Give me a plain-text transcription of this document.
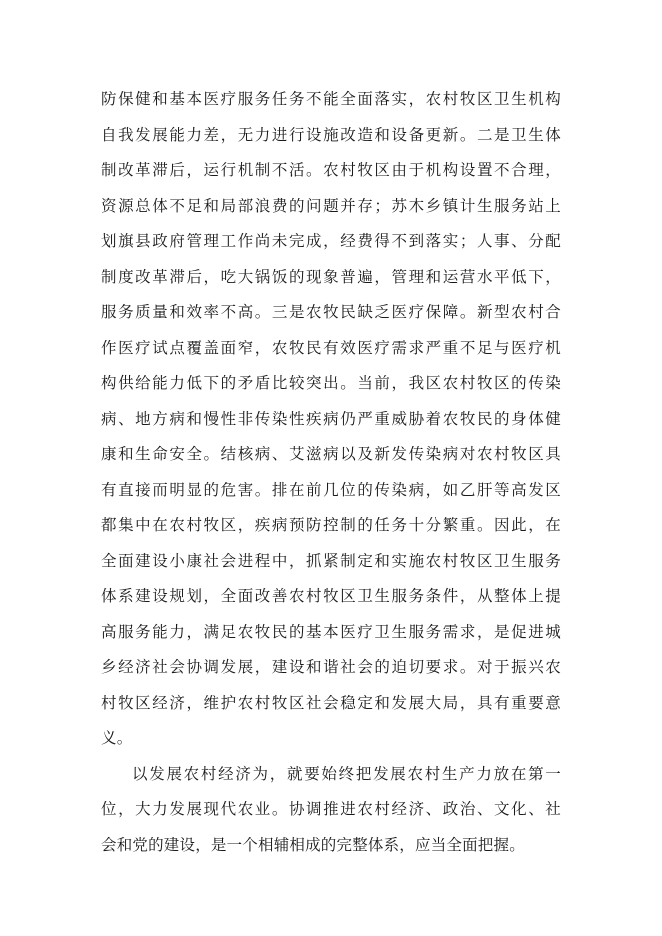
防保健和基本医疗服务任务不能全面落实，农村牧区卫生机构
自我发展能力差，无力进行设施改造和设备更新。二是卫生体
制改革滞后，运行机制不活。农村牧区由于机构设置不合理，
资源总体不足和局部浪费的问题并存；苏木乡镇计生服务站上
划旗县政府管理工作尚未完成，经费得不到落实；人事、分配
制度改革滞后，吃大锅饭的现象普遍，管理和运营水平低下，
服务质量和效率不高。三是农牧民缺乏医疗保障。新型农村合
作医疗试点覆盖面窄，农牧民有效医疗需求严重不足与医疗机
构供给能力低下的矛盾比较突出。当前，我区农村牧区的传染
病、地方病和慢性非传染性疾病仍严重威胁着农牧民的身体健
康和生命安全。结核病、艾滋病以及新发传染病对农村牧区具
有直接而明显的危害。排在前几位的传染病，如乙肝等高发区
都集中在农村牧区，疾病预防控制的任务十分繁重。因此，在
全面建设小康社会进程中，抓紧制定和实施农村牧区卫生服务
体系建设规划，全面改善农村牧区卫生服务条件，从整体上提
高服务能力，满足农牧民的基本医疗卫生服务需求，是促进城
乡经济社会协调发展，建设和谐社会的迫切要求。对于振兴农
村牧区经济，维护农村牧区社会稳定和发展大局，具有重要意
义。
以发展农村经济为，就要始终把发展农村生产力放在第一
位，大力发展现代农业。协调推进农村经济、政治、文化、社
会和党的建设，是一个相辅相成的完整体系，应当全面把握。
